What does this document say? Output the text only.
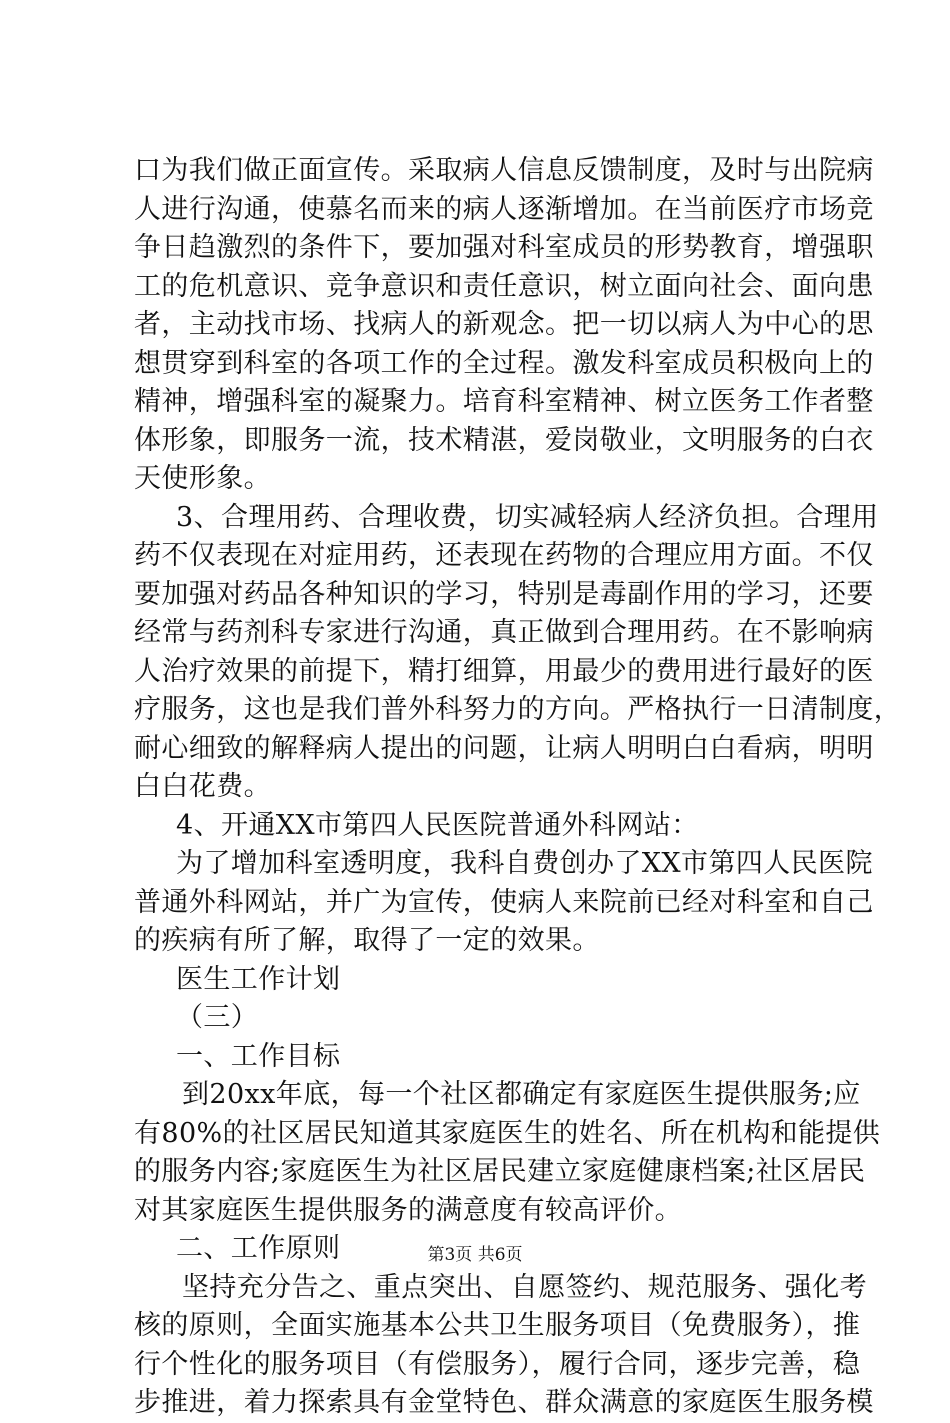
口为我们做正面宣传。采取病人信息反馈制度，及时与出院病
人进行沟通，使慕名而来的病人逐渐增加。在当前医疗市场竞
争日趋激烈的条件下，要加强对科室成员的形势教育，增强职
工的危机意识、竞争意识和责任意识，树立面向社会、面向患
者，主动找市场、找病人的新观念。把一切以病人为中心的思
想贯穿到科室的各项工作的全过程。激发科室成员积极向上的
精神，增强科室的凝聚力。培育科室精神、树立医务工作者整
体形象，即服务一流，技术精湛，爱岗敬业，文明服务的白衣
天使形象。
3、合理用药、合理收费，切实减轻病人经济负担。合理用
药不仅表现在对症用药，还表现在药物的合理应用方面。不仅
要加强对药品各种知识的学习，特别是毒副作用的学习，还要
经常与药剂科专家进行沟通，真正做到合理用药。在不影响病
人治疗效果的前提下，精打细算，用最少的费用进行最好的医
疗服务，这也是我们普外科努力的方向。严格执行一日清制度，
耐心细致的解释病人提出的问题，让病人明明白白看病，明明
白白花费。
4、开通XX市第四人民医院普通外科网站：
为了增加科室透明度，我科自费创办了XX市第四人民医院
普通外科网站，并广为宣传，使病人来院前已经对科室和自己
的疾病有所了解，取得了一定的效果。
医生工作计划
（三）
一、工作目标
到20xx年底，每一个社区都确定有家庭医生提供服务;应
有80%的社区居民知道其家庭医生的姓名、所在机构和能提供
的服务内容;家庭医生为社区居民建立家庭健康档案;社区居民
对其家庭医生提供服务的满意度有较高评价。
二、工作原则
坚持充分告之、重点突出、自愿签约、规范服务、强化考
核的原则，全面实施基本公共卫生服务项目（免费服务），推
行个性化的服务项目（有偿服务），履行合同，逐步完善，稳
步推进，着力探索具有金堂特色、群众满意的家庭医生服务模
第3页 共6页
